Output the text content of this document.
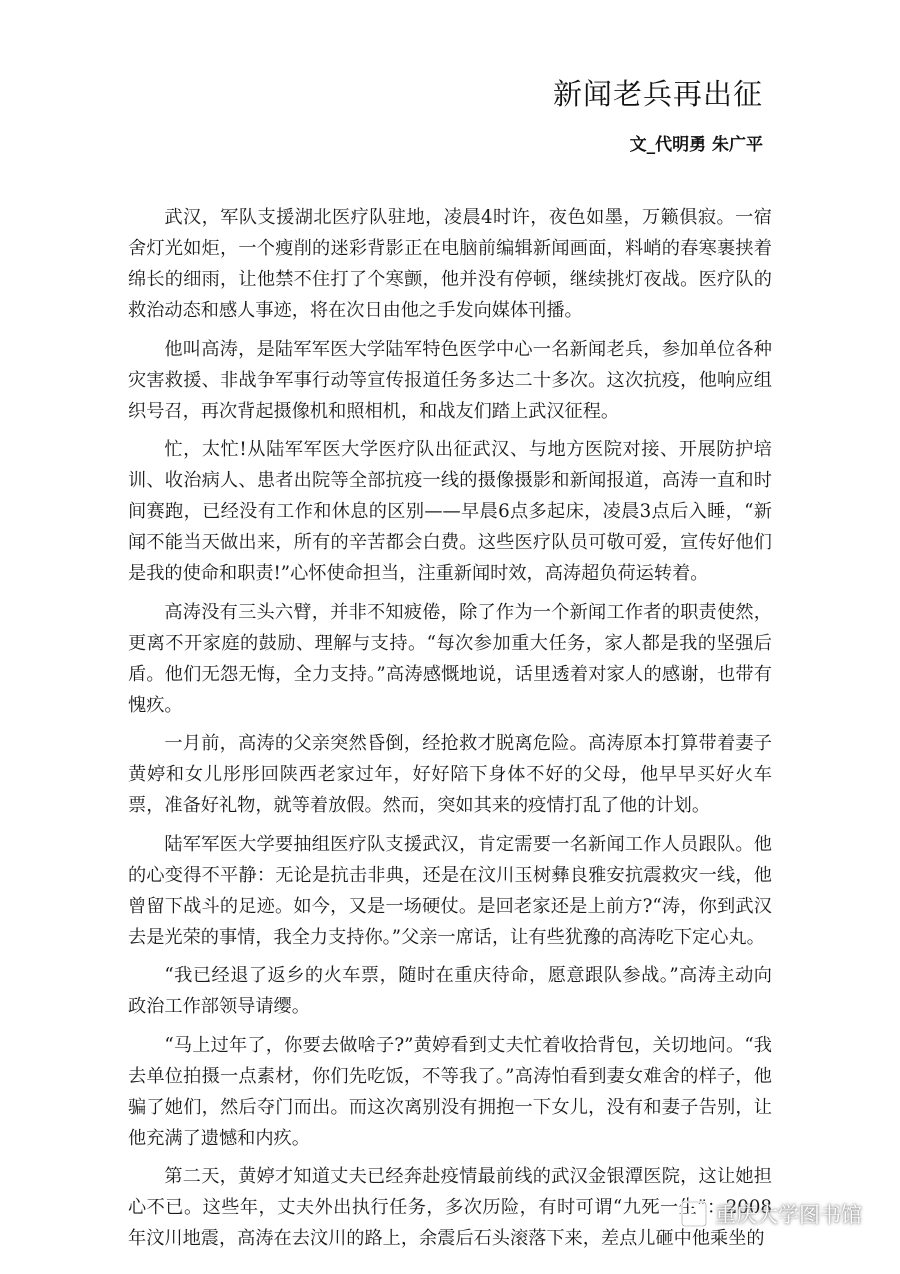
新闻老兵再出征
文_代明勇 朱广平

武汉，军队支援湖北医疗队驻地，凌晨4时许，夜色如墨，万籁俱寂。一宿舍灯光如炬，一个瘦削的迷彩背影正在电脑前编辑新闻画面，料峭的春寒裹挟着绵长的细雨，让他禁不住打了个寒颤，他并没有停顿，继续挑灯夜战。医疗队的救治动态和感人事迹，将在次日由他之手发向媒体刊播。

他叫高涛，是陆军军医大学陆军特色医学中心一名新闻老兵，参加单位各种灾害救援、非战争军事行动等宣传报道任务多达二十多次。这次抗疫，他响应组织号召，再次背起摄像机和照相机，和战友们踏上武汉征程。

忙，太忙!从陆军军医大学医疗队出征武汉、与地方医院对接、开展防护培训、收治病人、患者出院等全部抗疫一线的摄像摄影和新闻报道，高涛一直和时间赛跑，已经没有工作和休息的区别——早晨6点多起床，凌晨3点后入睡，“新闻不能当天做出来，所有的辛苦都会白费。这些医疗队员可敬可爱，宣传好他们是我的使命和职责!”心怀使命担当，注重新闻时效，高涛超负荷运转着。

高涛没有三头六臂，并非不知疲倦，除了作为一个新闻工作者的职责使然，更离不开家庭的鼓励、理解与支持。“每次参加重大任务，家人都是我的坚强后盾。他们无怨无悔，全力支持。”高涛感慨地说，话里透着对家人的感谢，也带有愧疚。

一月前，高涛的父亲突然昏倒，经抢救才脱离危险。高涛原本打算带着妻子黄婷和女儿彤彤回陕西老家过年，好好陪下身体不好的父母，他早早买好火车票，准备好礼物，就等着放假。然而，突如其来的疫情打乱了他的计划。

陆军军医大学要抽组医疗队支援武汉，肯定需要一名新闻工作人员跟队。他的心变得不平静：无论是抗击非典，还是在汶川玉树彝良雅安抗震救灾一线，他曾留下战斗的足迹。如今，又是一场硬仗。是回老家还是上前方?“涛，你到武汉去是光荣的事情，我全力支持你。”父亲一席话，让有些犹豫的高涛吃下定心丸。

“我已经退了返乡的火车票，随时在重庆待命，愿意跟队参战。”高涛主动向政治工作部领导请缨。

“马上过年了，你要去做啥子?”黄婷看到丈夫忙着收拾背包，关切地问。“我去单位拍摄一点素材，你们先吃饭，不等我了。”高涛怕看到妻女难舍的样子，他骗了她们，然后夺门而出。而这次离别没有拥抱一下女儿，没有和妻子告别，让他充满了遗憾和内疚。

第二天，黄婷才知道丈夫已经奔赴疫情最前线的武汉金银潭医院，这让她担心不已。这些年，丈夫外出执行任务，多次历险，有时可谓“九死一生”：2008年汶川地震，高涛在去汶川的路上，余震后石头滚落下来，差点儿砸中他乘坐的

重庆大学图书馆
